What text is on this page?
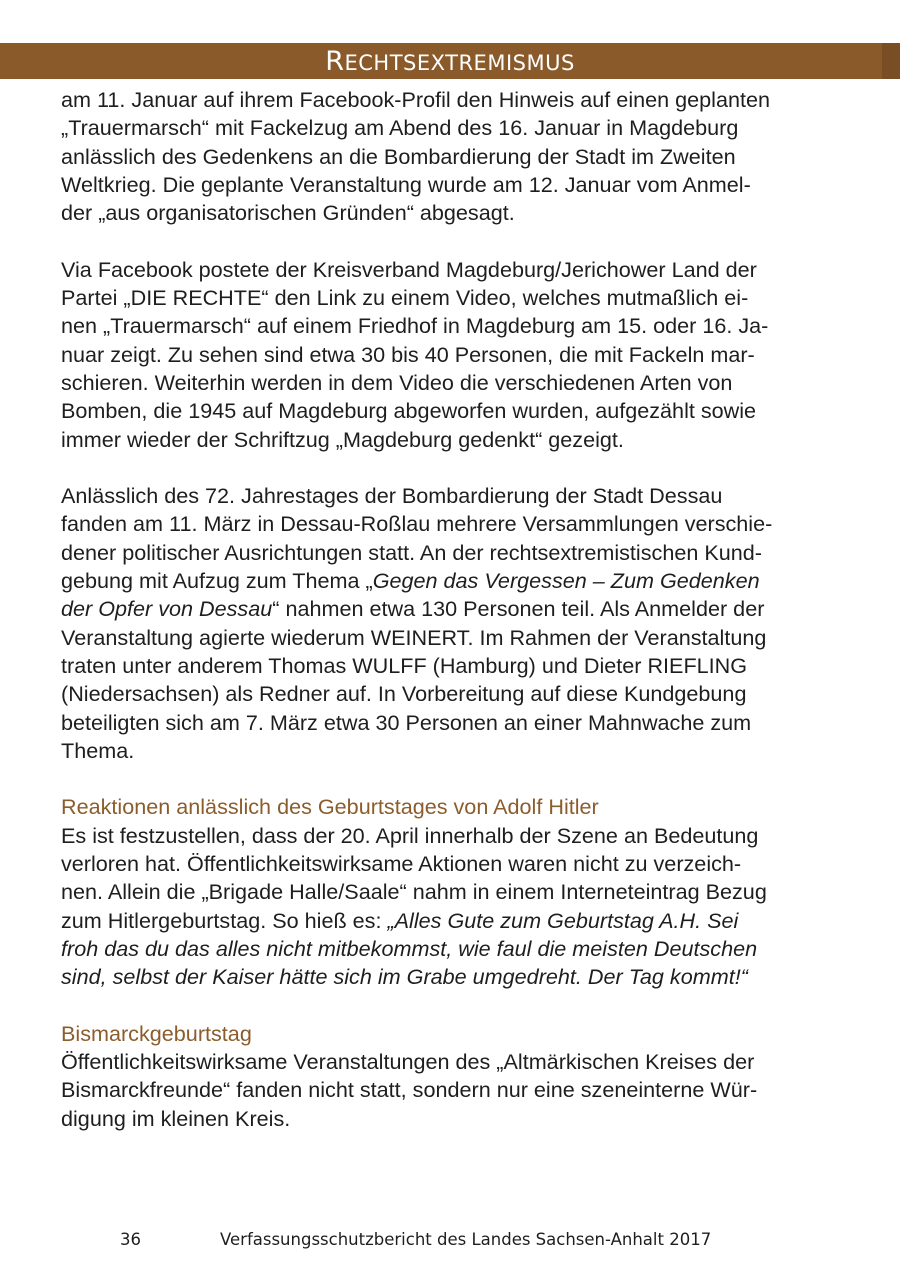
RECHTSEXTREMISMUS

am 11. Januar auf ihrem Facebook-Profil den Hinweis auf einen geplanten

„Trauermarsch“ mit Fackelzug am Abend des 16. Januar in Magdeburg

anlässlich des Gedenkens an die Bombardierung der Stadt im Zweiten

Weltkrieg. Die geplante Veranstaltung wurde am 12. Januar vom Anmel-

der „aus organisatorischen Gründen“ abgesagt.

Via Facebook postete der Kreisverband Magdeburg/Jerichower Land der

Partei „DIE RECHTE“ den Link zu einem Video, welches mutmaßlich ei-

nen „Trauermarsch“ auf einem Friedhof in Magdeburg am 15. oder 16. Ja-

nuar zeigt. Zu sehen sind etwa 30 bis 40 Personen, die mit Fackeln mar-

schieren. Weiterhin werden in dem Video die verschiedenen Arten von

Bomben, die 1945 auf Magdeburg abgeworfen wurden, aufgezählt sowie

immer wieder der Schriftzug „Magdeburg gedenkt“ gezeigt.

Anlässlich des 72. Jahrestages der Bombardierung der Stadt Dessau

fanden am 11. März in Dessau-Roßlau mehrere Versammlungen verschie-

dener politischer Ausrichtungen statt. An der rechtsextremistischen Kund-

gebung mit Aufzug zum Thema „Gegen das Vergessen – Zum Gedenken

der Opfer von Dessau“ nahmen etwa 130 Personen teil. Als Anmelder der

Veranstaltung agierte wiederum WEINERT. Im Rahmen der Veranstaltung

traten unter anderem Thomas WULFF (Hamburg) und Dieter RIEFLING

(Niedersachsen) als Redner auf. In Vorbereitung auf diese Kundgebung

beteiligten sich am 7. März etwa 30 Personen an einer Mahnwache zum

Thema.

Reaktionen anlässlich des Geburtstages von Adolf Hitler

Es ist festzustellen, dass der 20. April innerhalb der Szene an Bedeutung

verloren hat. Öffentlichkeitswirksame Aktionen waren nicht zu verzeich-

nen. Allein die „Brigade Halle/Saale“ nahm in einem Interneteintrag Bezug

zum Hitlergeburtstag. So hieß es: „Alles Gute zum Geburtstag A.H. Sei

froh das du das alles nicht mitbekommst, wie faul die meisten Deutschen

sind, selbst der Kaiser hätte sich im Grabe umgedreht. Der Tag kommt!“

Bismarckgeburtstag

Öffentlichkeitswirksame Veranstaltungen des „Altmärkischen Kreises der

Bismarckfreunde“ fanden nicht statt, sondern nur eine szeneinterne Wür-

digung im kleinen Kreis.

36	Verfassungsschutzbericht des Landes Sachsen-Anhalt 2017
